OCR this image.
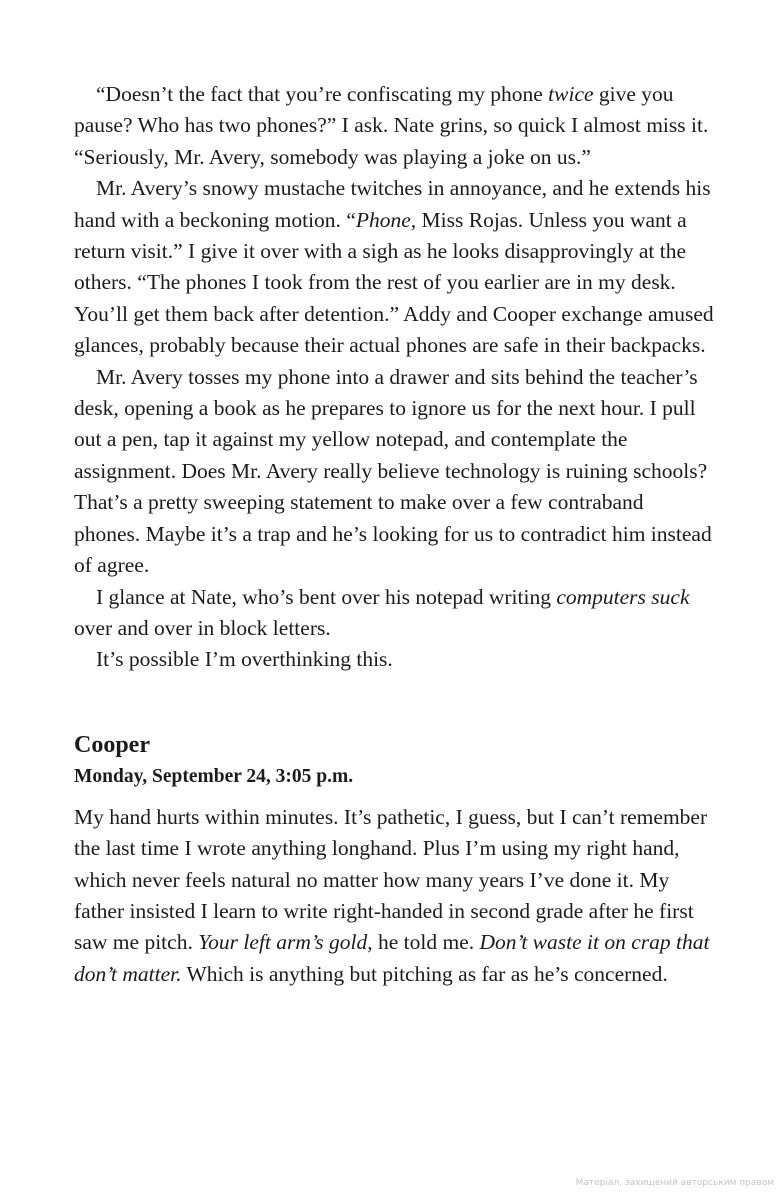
“Doesn’t the fact that you’re confiscating my phone twice give you pause? Who has two phones?” I ask. Nate grins, so quick I almost miss it. “Seriously, Mr. Avery, somebody was playing a joke on us.”

Mr. Avery’s snowy mustache twitches in annoyance, and he extends his hand with a beckoning motion. “Phone, Miss Rojas. Unless you want a return visit.” I give it over with a sigh as he looks disapprovingly at the others. “The phones I took from the rest of you earlier are in my desk. You’ll get them back after detention.” Addy and Cooper exchange amused glances, probably because their actual phones are safe in their backpacks.

Mr. Avery tosses my phone into a drawer and sits behind the teacher’s desk, opening a book as he prepares to ignore us for the next hour. I pull out a pen, tap it against my yellow notepad, and contemplate the assignment. Does Mr. Avery really believe technology is ruining schools? That’s a pretty sweeping statement to make over a few contraband phones. Maybe it’s a trap and he’s looking for us to contradict him instead of agree.

I glance at Nate, who’s bent over his notepad writing computers suck over and over in block letters.

It’s possible I’m overthinking this.

Cooper
Monday, September 24, 3:05 p.m.

My hand hurts within minutes. It’s pathetic, I guess, but I can’t remember the last time I wrote anything longhand. Plus I’m using my right hand, which never feels natural no matter how many years I’ve done it. My father insisted I learn to write right-handed in second grade after he first saw me pitch. Your left arm’s gold, he told me. Don’t waste it on crap that don’t matter. Which is anything but pitching as far as he’s concerned.

Матеріал, захищений авторським правом
